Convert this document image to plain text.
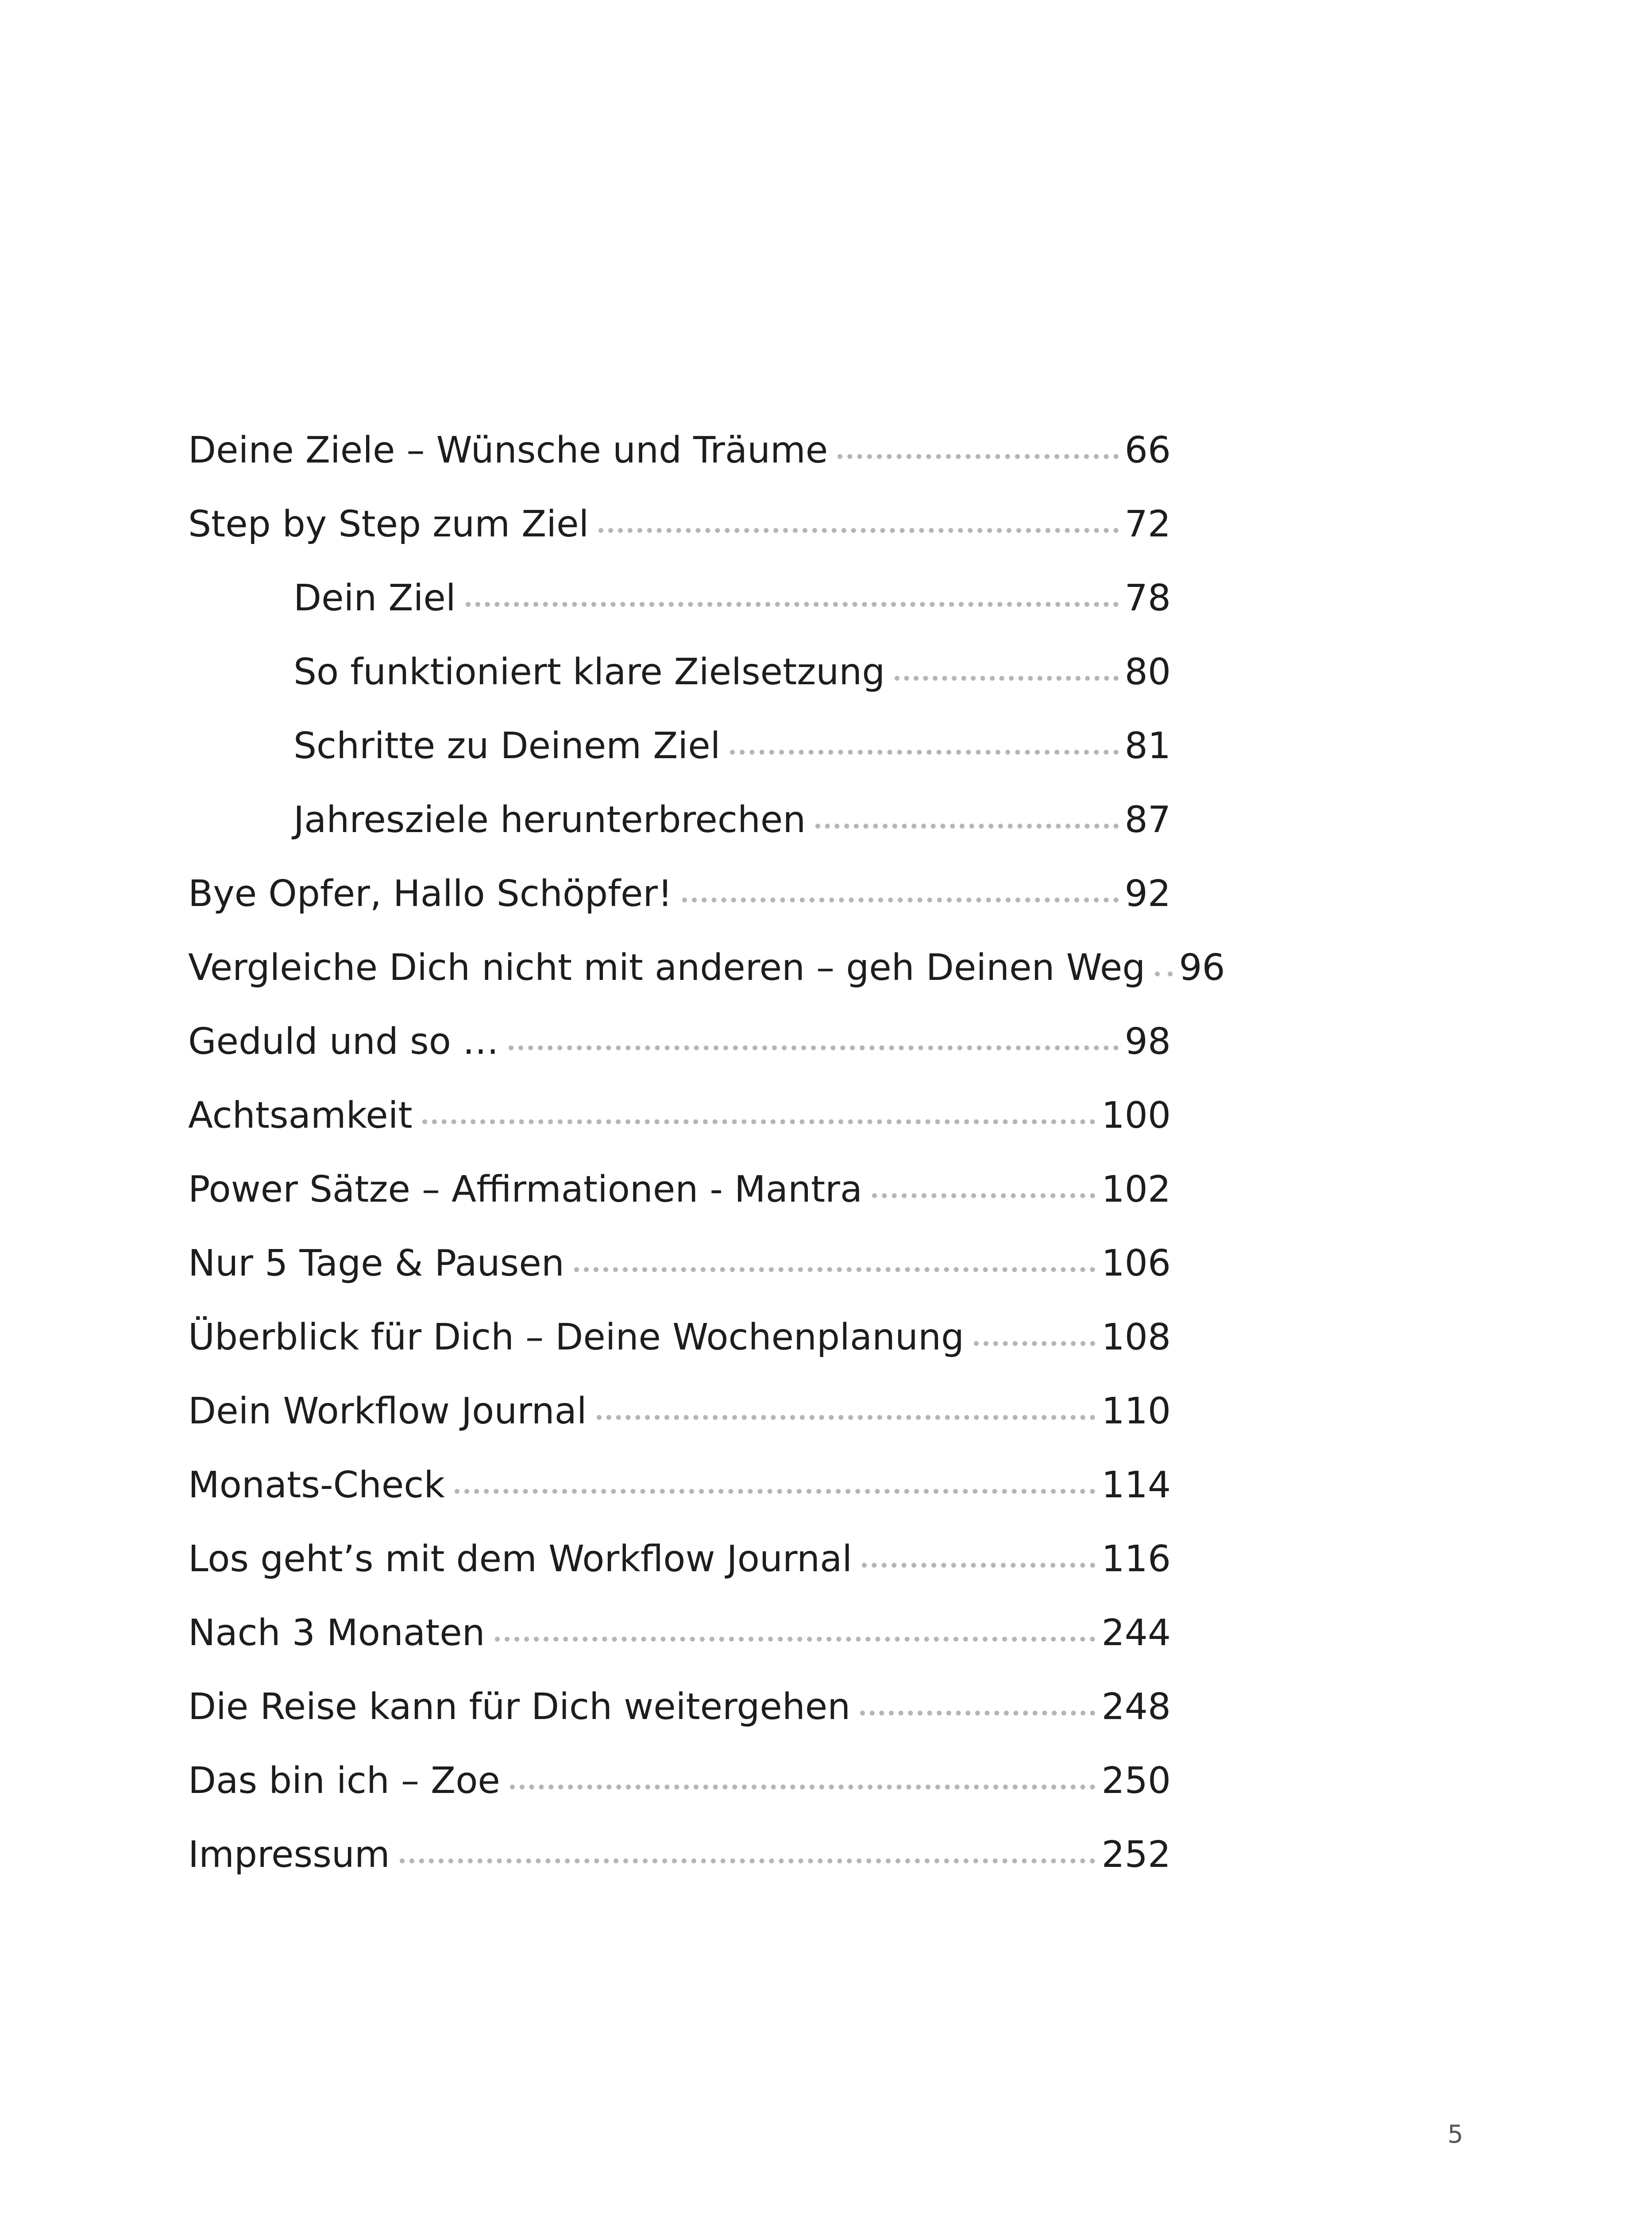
Deine Ziele – Wünsche und Träume	66
Step by Step zum Ziel	72
Dein Ziel	78
So funktioniert klare Zielsetzung	80
Schritte zu Deinem Ziel	81
Jahresziele herunterbrechen	87
Bye Opfer, Hallo Schöpfer!	92
Vergleiche Dich nicht mit anderen – geh Deinen Weg 96
Geduld und so …	98
Achtsamkeit	100
Power Sätze – Affirmationen - Mantra	102
Nur 5 Tage & Pausen	106
Überblick für Dich – Deine Wochenplanung	108
Dein Workflow Journal	110
Monats-Check	114
Los geht’s mit dem Workflow Journal	116
Nach 3 Monaten	244
Die Reise kann für Dich weitergehen	248
Das bin ich – Zoe	250
Impressum	252
5
